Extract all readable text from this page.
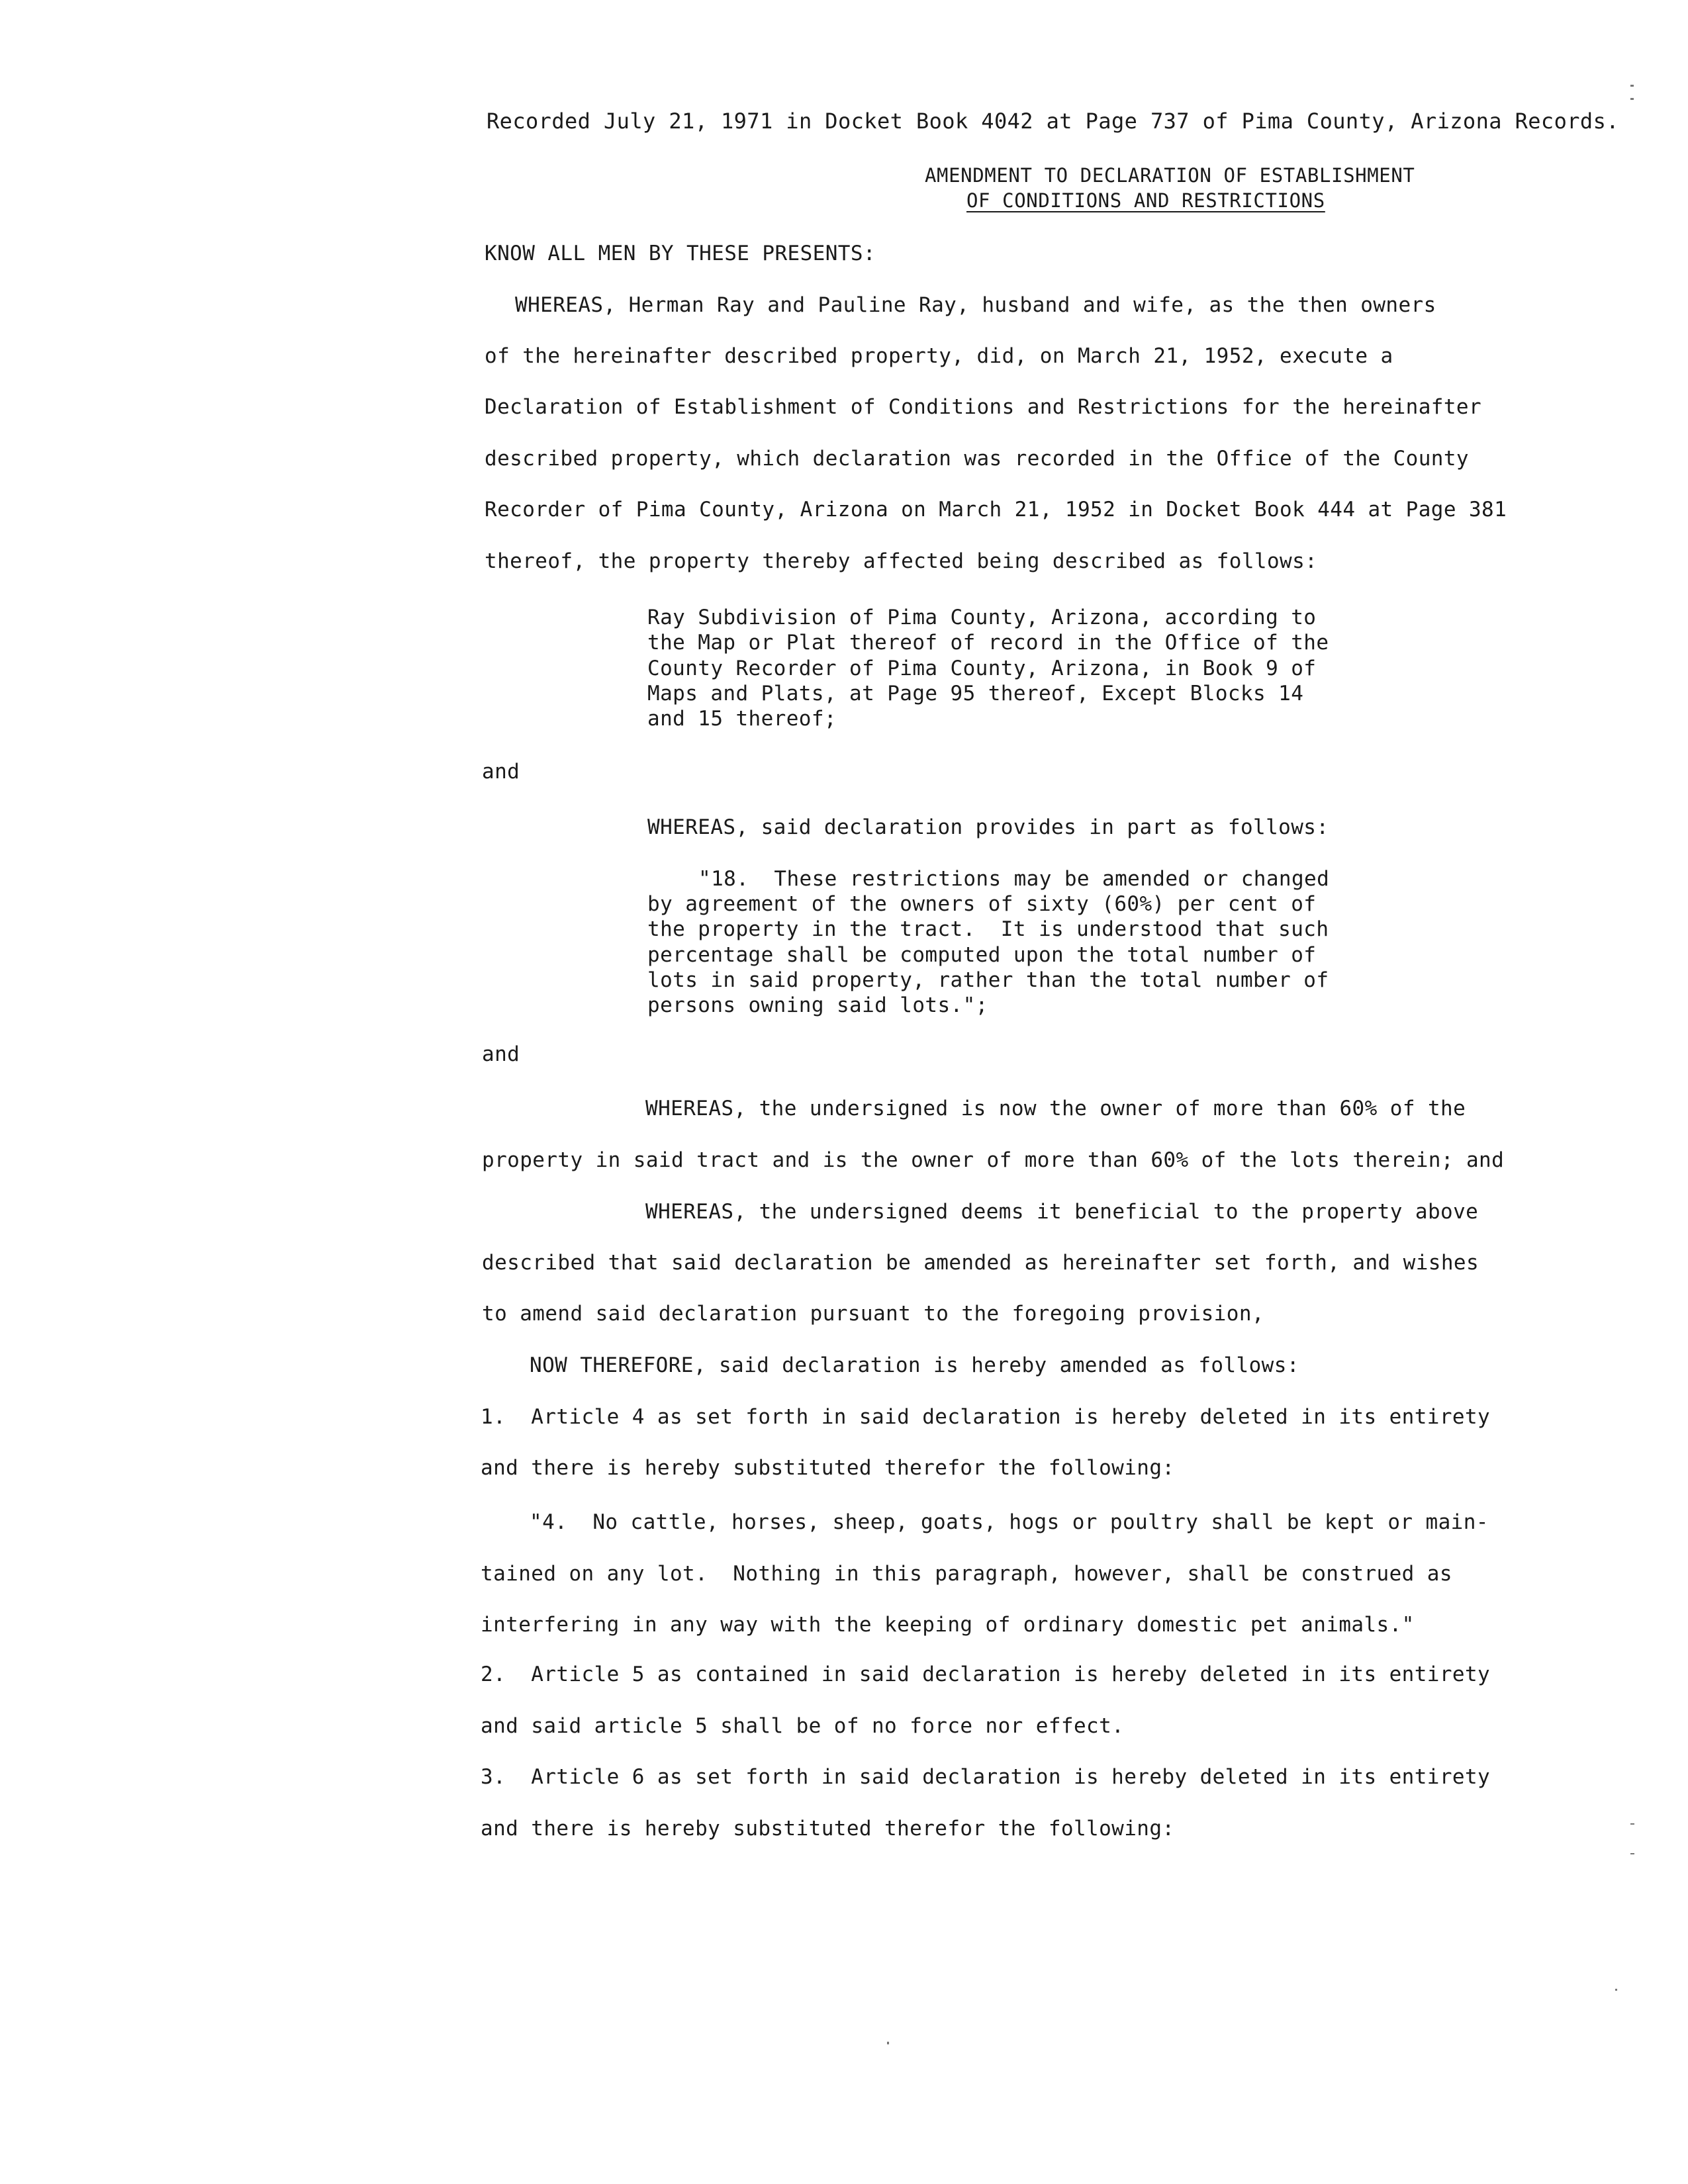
Recorded July 21, 1971 in Docket Book 4042 at Page 737 of Pima County, Arizona Records.
AMENDMENT TO DECLARATION OF ESTABLISHMENT
OF CONDITIONS AND RESTRICTIONS
KNOW ALL MEN BY THESE PRESENTS:
WHEREAS, Herman Ray and Pauline Ray, husband and wife, as the then owners
of the hereinafter described property, did, on March 21, 1952, execute a
Declaration of Establishment of Conditions and Restrictions for the hereinafter
described property, which declaration was recorded in the Office of the County
Recorder of Pima County, Arizona on March 21, 1952 in Docket Book 444 at Page 381
thereof, the property thereby affected being described as follows:
Ray Subdivision of Pima County, Arizona, according to
the Map or Plat thereof of record in the Office of the
County Recorder of Pima County, Arizona, in Book 9 of
Maps and Plats, at Page 95 thereof, Except Blocks 14
and 15 thereof;
and
WHEREAS, said declaration provides in part as follows:
"18.  These restrictions may be amended or changed
by agreement of the owners of sixty (60%) per cent of
the property in the tract.  It is understood that such
percentage shall be computed upon the total number of
lots in said property, rather than the total number of
persons owning said lots.";
and
WHEREAS, the undersigned is now the owner of more than 60% of the
property in said tract and is the owner of more than 60% of the lots therein; and
WHEREAS, the undersigned deems it beneficial to the property above
described that said declaration be amended as hereinafter set forth, and wishes
to amend said declaration pursuant to the foregoing provision,
NOW THEREFORE, said declaration is hereby amended as follows:
1.  Article 4 as set forth in said declaration is hereby deleted in its entirety
and there is hereby substituted therefor the following:
"4.  No cattle, horses, sheep, goats, hogs or poultry shall be kept or main-
tained on any lot.  Nothing in this paragraph, however, shall be construed as
interfering in any way with the keeping of ordinary domestic pet animals."
2.  Article 5 as contained in said declaration is hereby deleted in its entirety
and said article 5 shall be of no force nor effect.
3.  Article 6 as set forth in said declaration is hereby deleted in its entirety
and there is hereby substituted therefor the following:
